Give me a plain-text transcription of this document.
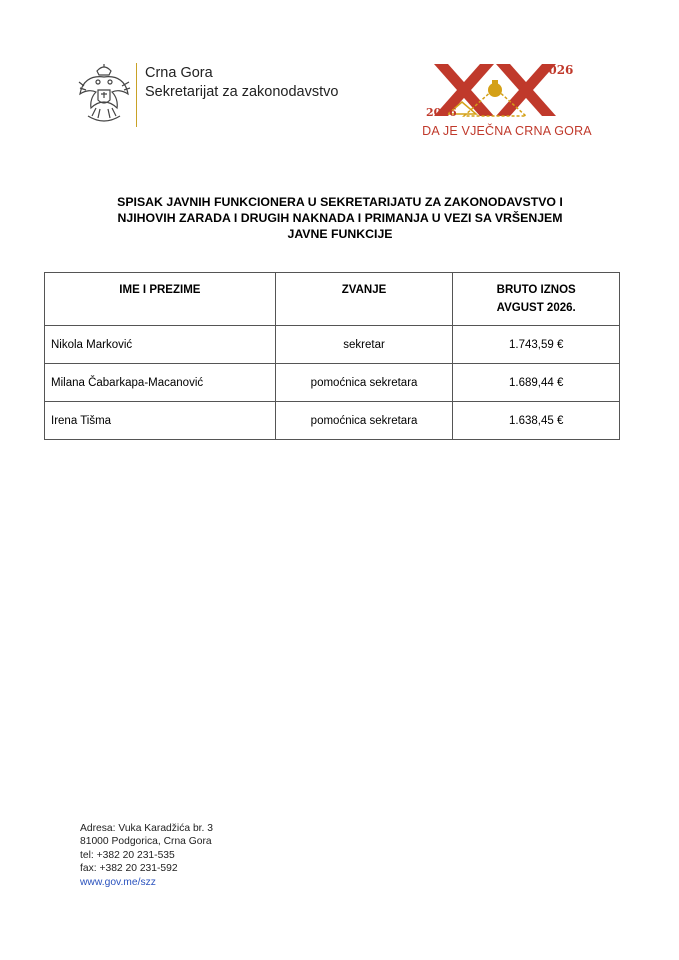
Crna Gora
Sekretarijat za zakonodavstvo
2026
2006
DA JE VJEČNA CRNA GORA
SPISAK JAVNIH FUNKCIONERA U SEKRETARIJATU ZA ZAKONODAVSTVO I
NJIHOVIH ZARADA I DRUGIH NAKNADA I PRIMANJA U VEZI SA VRŠENJEM
JAVNE FUNKCIJE
IME I PREZIME	ZVANJE	BRUTO IZNOS
AVGUST 2026.

Nikola Marković	sekretar	1.743,59 €
Milana Čabarkapa-Macanović	pomoćnica sekretara	1.689,44 €
Irena Tišma	pomoćnica sekretara	1.638,45 €
Adresa: Vuka Karadžića br. 3
81000 Podgorica, Crna Gora
tel: +382 20 231-535
fax: +382 20 231-592
www.gov.me/szz
